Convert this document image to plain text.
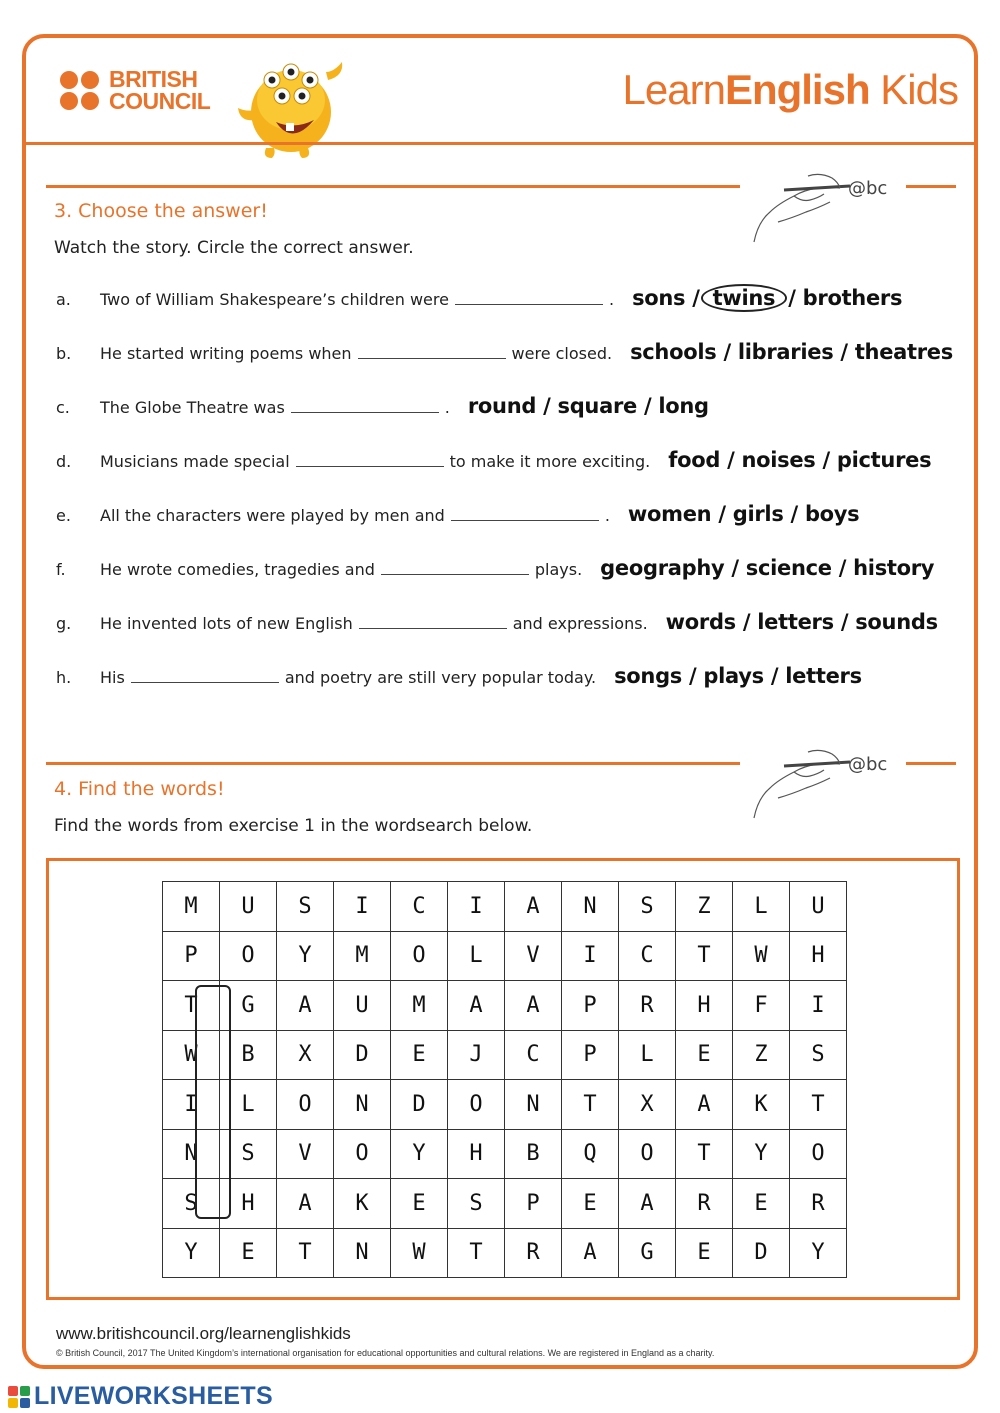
BRITISH
COUNCIL	LearnEnglish Kids
@bc
3. Choose the answer!
Watch the story. Circle the correct answer.
a.	Two of William Shakespeare’s children were	. sons / twins / brothers
b.	He started writing poems when	were closed. schools / libraries / theatres
c.	The Globe Theatre was	. round / square / long
d.	Musicians made special	to make it more exciting. food / noises / pictures
e.	All the characters were played by men and	. women / girls / boys
f.	He wrote comedies, tragedies and	plays. geography / science / history
g.	He invented lots of new English	and expressions. words / letters / sounds
h.	His	and poetry are still very popular today. songs / plays / letters
@bc
4. Find the words!
Find the words from exercise 1 in the wordsearch below.
M	U	S	I	C	I	A	N	S	Z	L	U
P	O	Y	M	O	L	V	I	C	T	W	H
T	G	A	U	M	A	A	P	R	H	F	I
W	B	X	D	E	J	C	P	L	E	Z	S
I	L	O	N	D	O	N	T	X	A	K	T
N	S	V	O	Y	H	B	Q	O	T	Y	O
S	H	A	K	E	S	P	E	A	R	E	R
Y	E	T	N	W	T	R	A	G	E	D	Y
www.britishcouncil.org/learnenglishkids
© British Council, 2017 The United Kingdom’s international organisation for educational opportunities and cultural relations. We are registered in England as a charity.
LIVEWORKSHEETS
